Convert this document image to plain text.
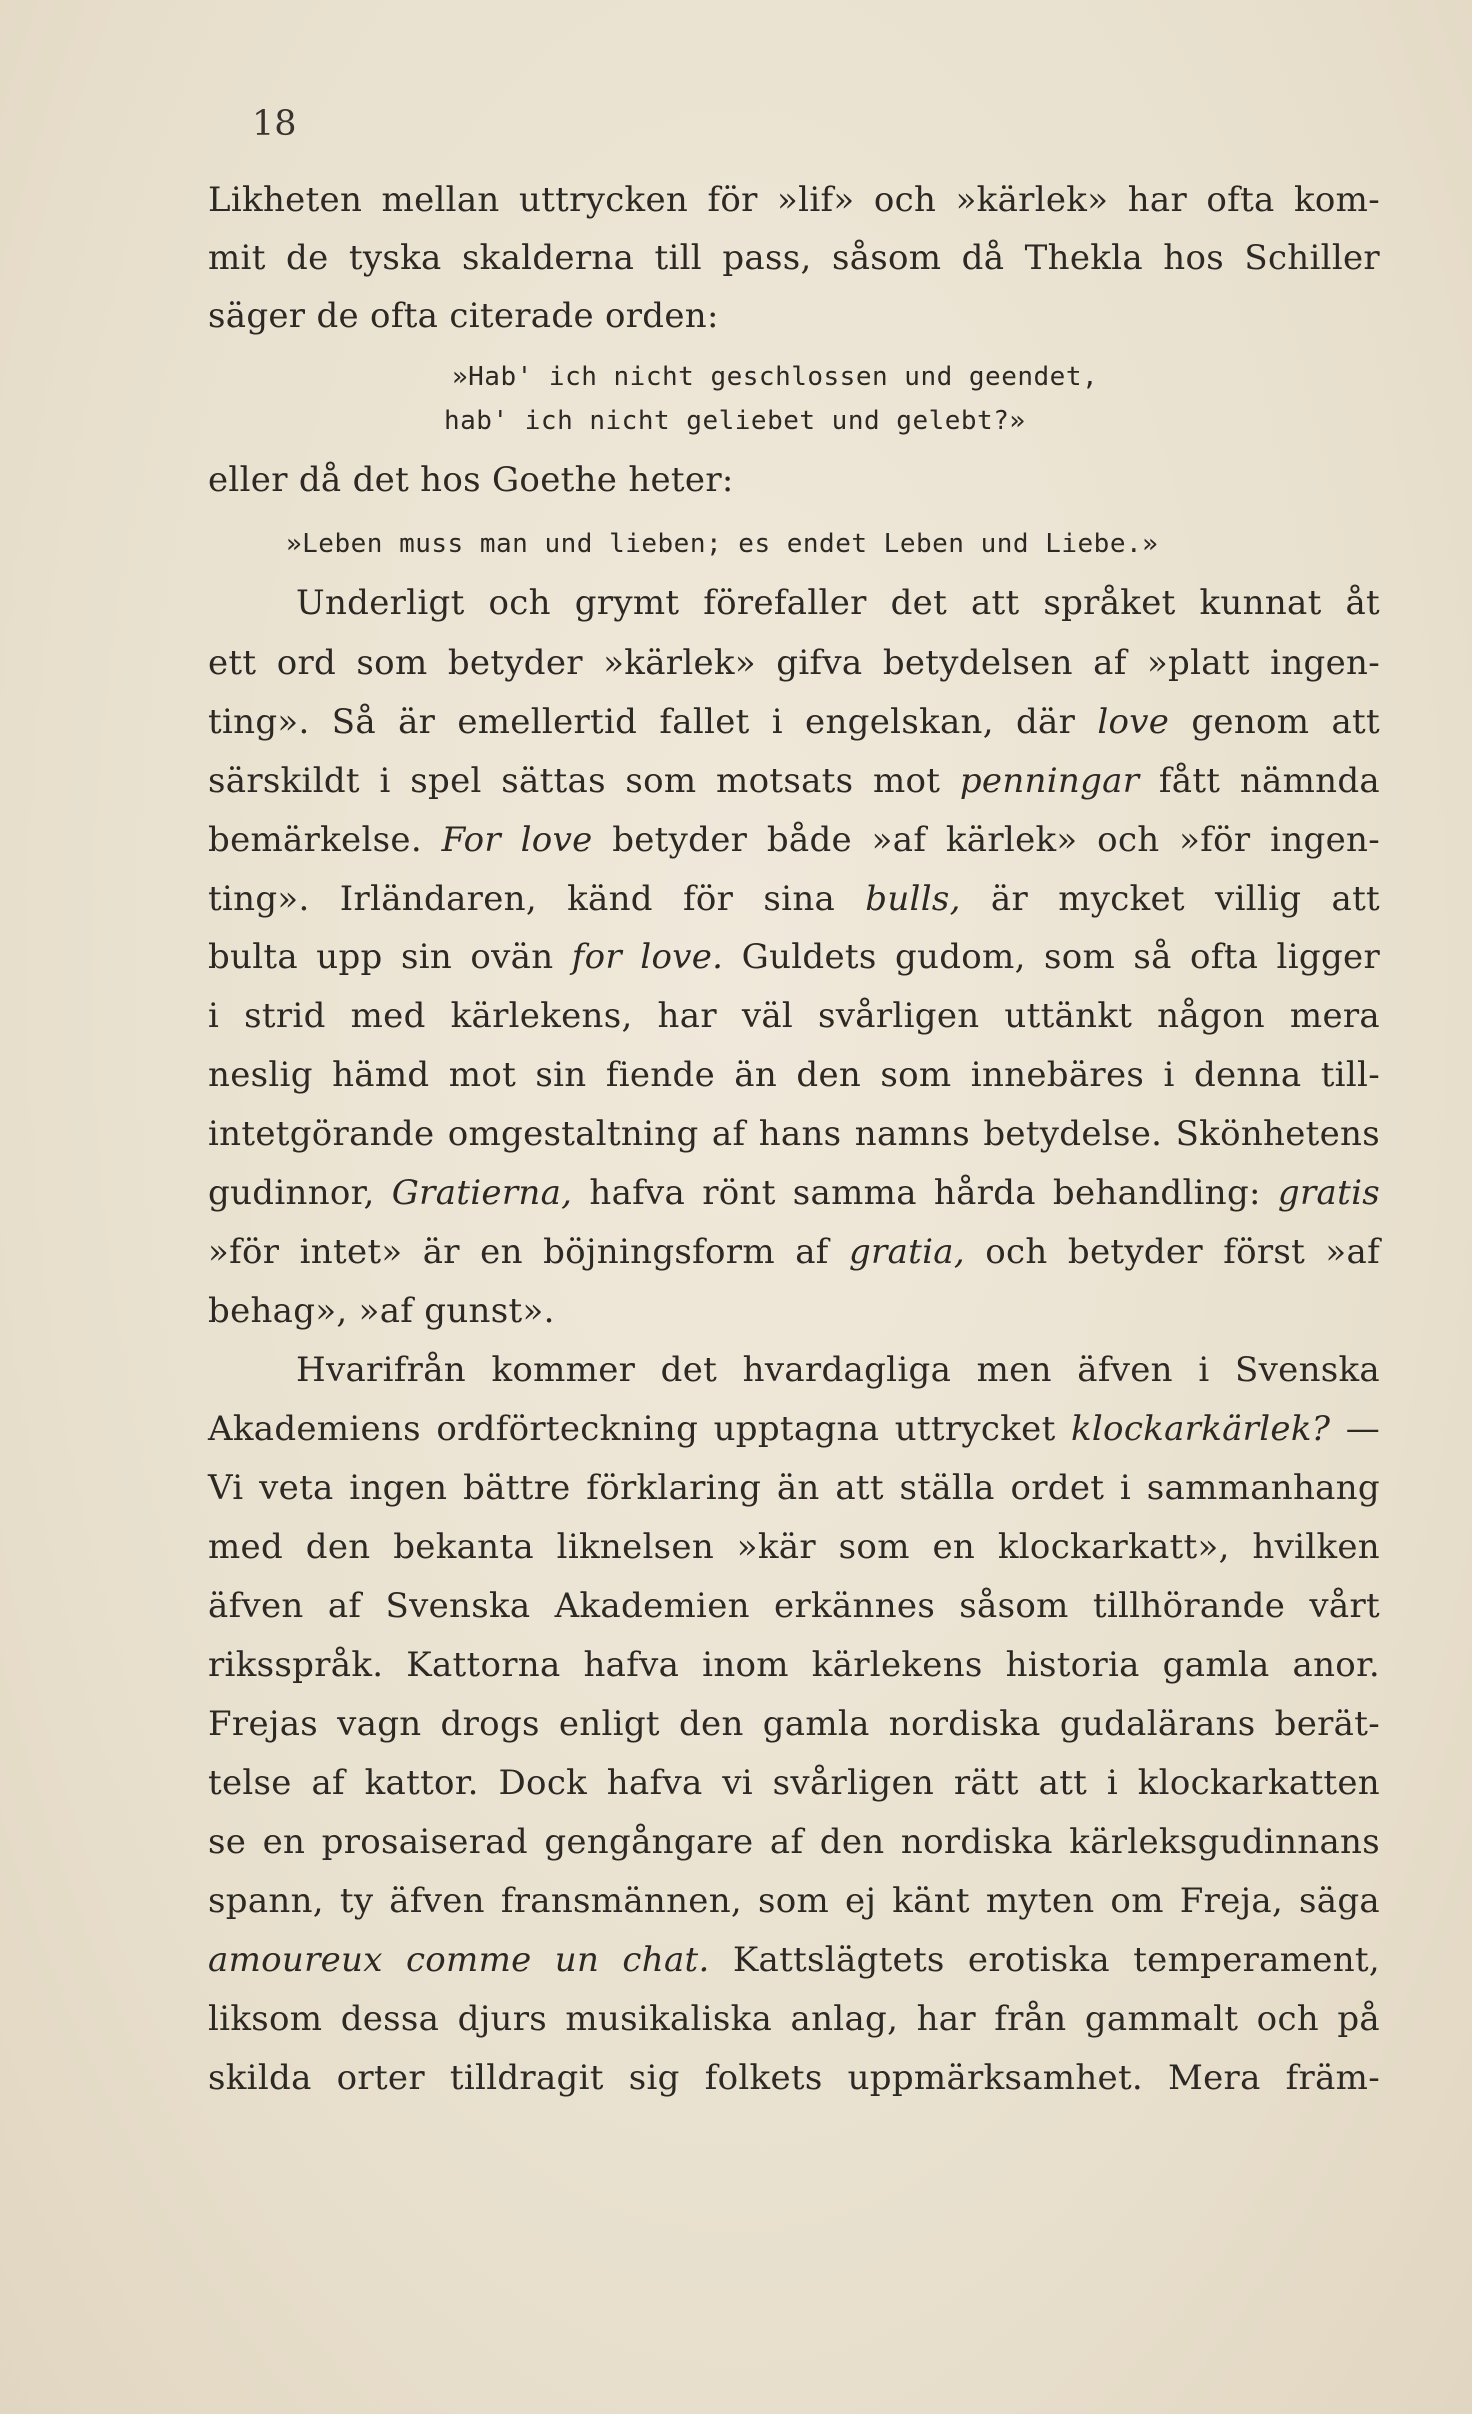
18
Likheten mellan uttrycken för »lif» och »kärlek» har ofta kom-
mit de tyska skalderna till pass, såsom då Thekla hos Schiller
säger de ofta citerade orden:
»Hab' ich nicht geschlossen und geendet,
hab' ich nicht geliebet und gelebt?»
eller då det hos Goethe heter:
»Leben muss man und lieben; es endet Leben und Liebe.»
Underligt och grymt förefaller det att språket kunnat åt
ett ord som betyder »kärlek» gifva betydelsen af »platt ingen-
ting». Så är emellertid fallet i engelskan, där love genom att
särskildt i spel sättas som motsats mot penningar fått nämnda
bemärkelse. For love betyder både »af kärlek» och »för ingen-
ting». Irländaren, känd för sina bulls, är mycket villig att
bulta upp sin ovän for love. Guldets gudom, som så ofta ligger
i strid med kärlekens, har väl svårligen uttänkt någon mera
neslig hämd mot sin fiende än den som innebäres i denna till-
intetgörande omgestaltning af hans namns betydelse. Skönhetens
gudinnor, Gratierna, hafva rönt samma hårda behandling: gratis
»för intet» är en böjningsform af gratia, och betyder först »af
behag», »af gunst».
Hvarifrån kommer det hvardagliga men äfven i Svenska
Akademiens ordförteckning upptagna uttrycket klockarkärlek? —
Vi veta ingen bättre förklaring än att ställa ordet i sammanhang
med den bekanta liknelsen »kär som en klockarkatt», hvilken
äfven af Svenska Akademien erkännes såsom tillhörande vårt
riksspråk. Kattorna hafva inom kärlekens historia gamla anor.
Frejas vagn drogs enligt den gamla nordiska gudalärans berät-
telse af kattor. Dock hafva vi svårligen rätt att i klockarkatten
se en prosaiserad gengångare af den nordiska kärleksgudinnans
spann, ty äfven fransmännen, som ej känt myten om Freja, säga
amoureux comme un chat. Kattslägtets erotiska temperament,
liksom dessa djurs musikaliska anlag, har från gammalt och på
skilda orter tilldragit sig folkets uppmärksamhet. Mera främ-
